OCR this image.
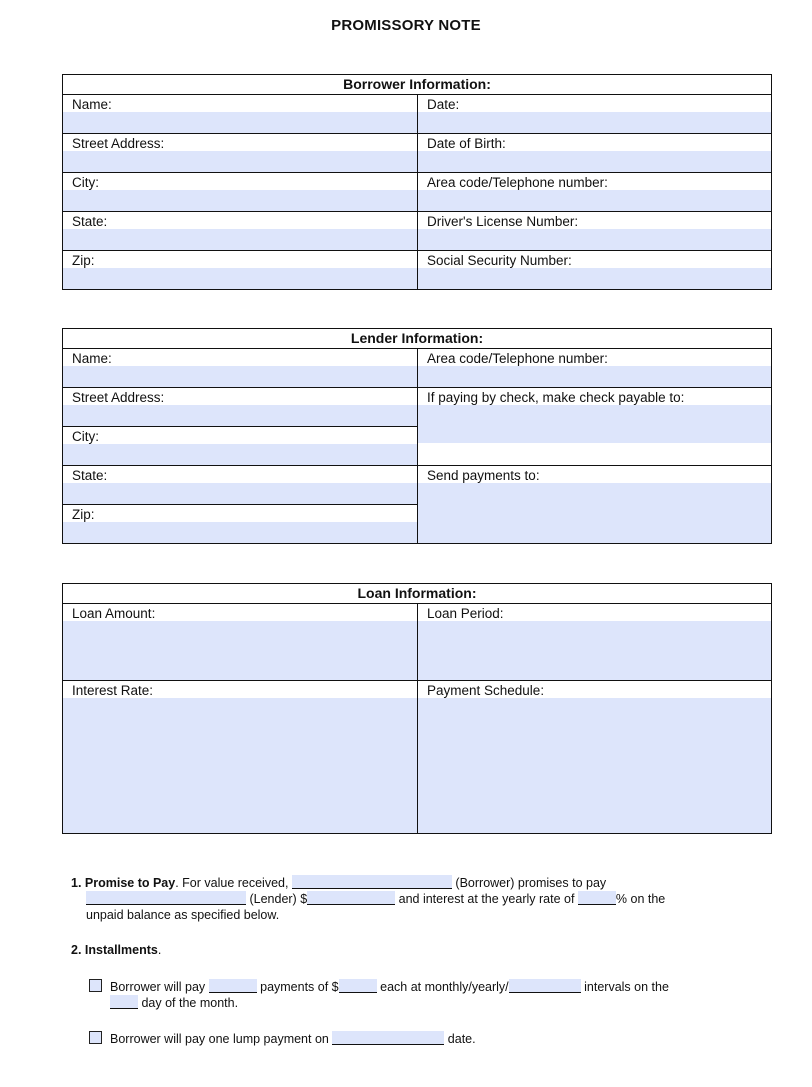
PROMISSORY NOTE
Borrower Information:	

Name:	Date:

Street Address:	Date of Birth:

City:	Area code/Telephone number:

State:	Driver's License Number:

Zip:	Social Security Number:
Lender Information:	

Name:	Area code/Telephone number:

Street Address:	If paying by check, make check payable to:

City:	

State:	Send payments to:

Zip:	
Loan Information:	

Loan Amount:	Loan Period:

Interest Rate:	Payment Schedule:
1. Promise to Pay. For value received,	(Borrower) promises to pay
(Lender) $	and interest at the yearly rate of	% on the
unpaid balance as specified below.
2. Installments.
Borrower will pay	payments of $	each at monthly/yearly/	intervals on the
day of the month.
Borrower will pay one lump payment on	date.
